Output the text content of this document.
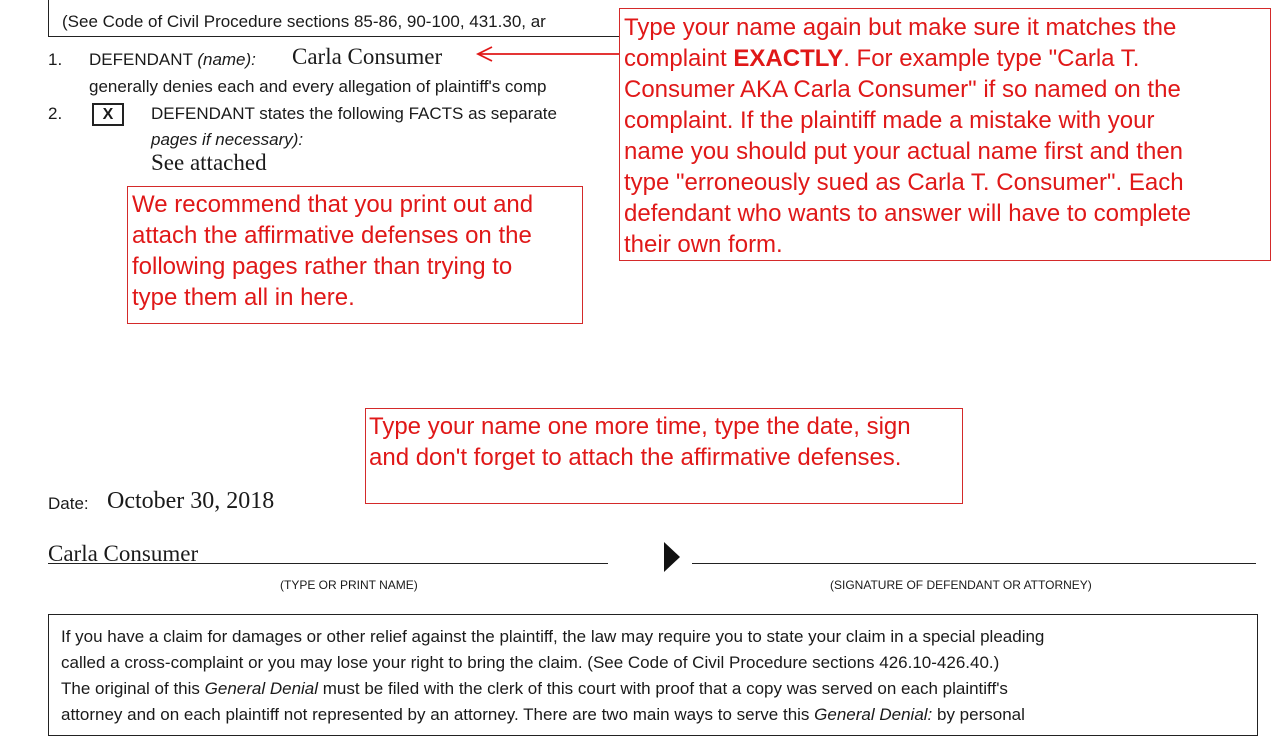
(See Code of Civil Procedure sections 85-86, 90-100, 431.30, ar
1. DEFENDANT (name): Carla Consumer
generally denies each and every allegation of plaintiff's comp
2.	X	DEFENDANT states the following FACTS as separate
pages if necessary):
See attached
Type your name again but make sure it matches the
complaint EXACTLY. For example type "Carla T.
Consumer AKA Carla Consumer" if so named on the
complaint. If the plaintiff made a mistake with your
name you should put your actual name first and then
type "erroneously sued as Carla T. Consumer". Each
defendant who wants to answer will have to complete
their own form.
We recommend that you print out and
attach the affirmative defenses on the
following pages rather than trying to
type them all in here.
Type your name one more time, type the date, sign
and don't forget to attach the affirmative defenses.
Date: October 30, 2018
Carla Consumer
(TYPE OR PRINT NAME)	(SIGNATURE OF DEFENDANT OR ATTORNEY)
If you have a claim for damages or other relief against the plaintiff, the law may require you to state your claim in a special pleading
called a cross-complaint or you may lose your right to bring the claim. (See Code of Civil Procedure sections 426.10-426.40.)
The original of this General Denial must be filed with the clerk of this court with proof that a copy was served on each plaintiff's
attorney and on each plaintiff not represented by an attorney. There are two main ways to serve this General Denial: by personal
